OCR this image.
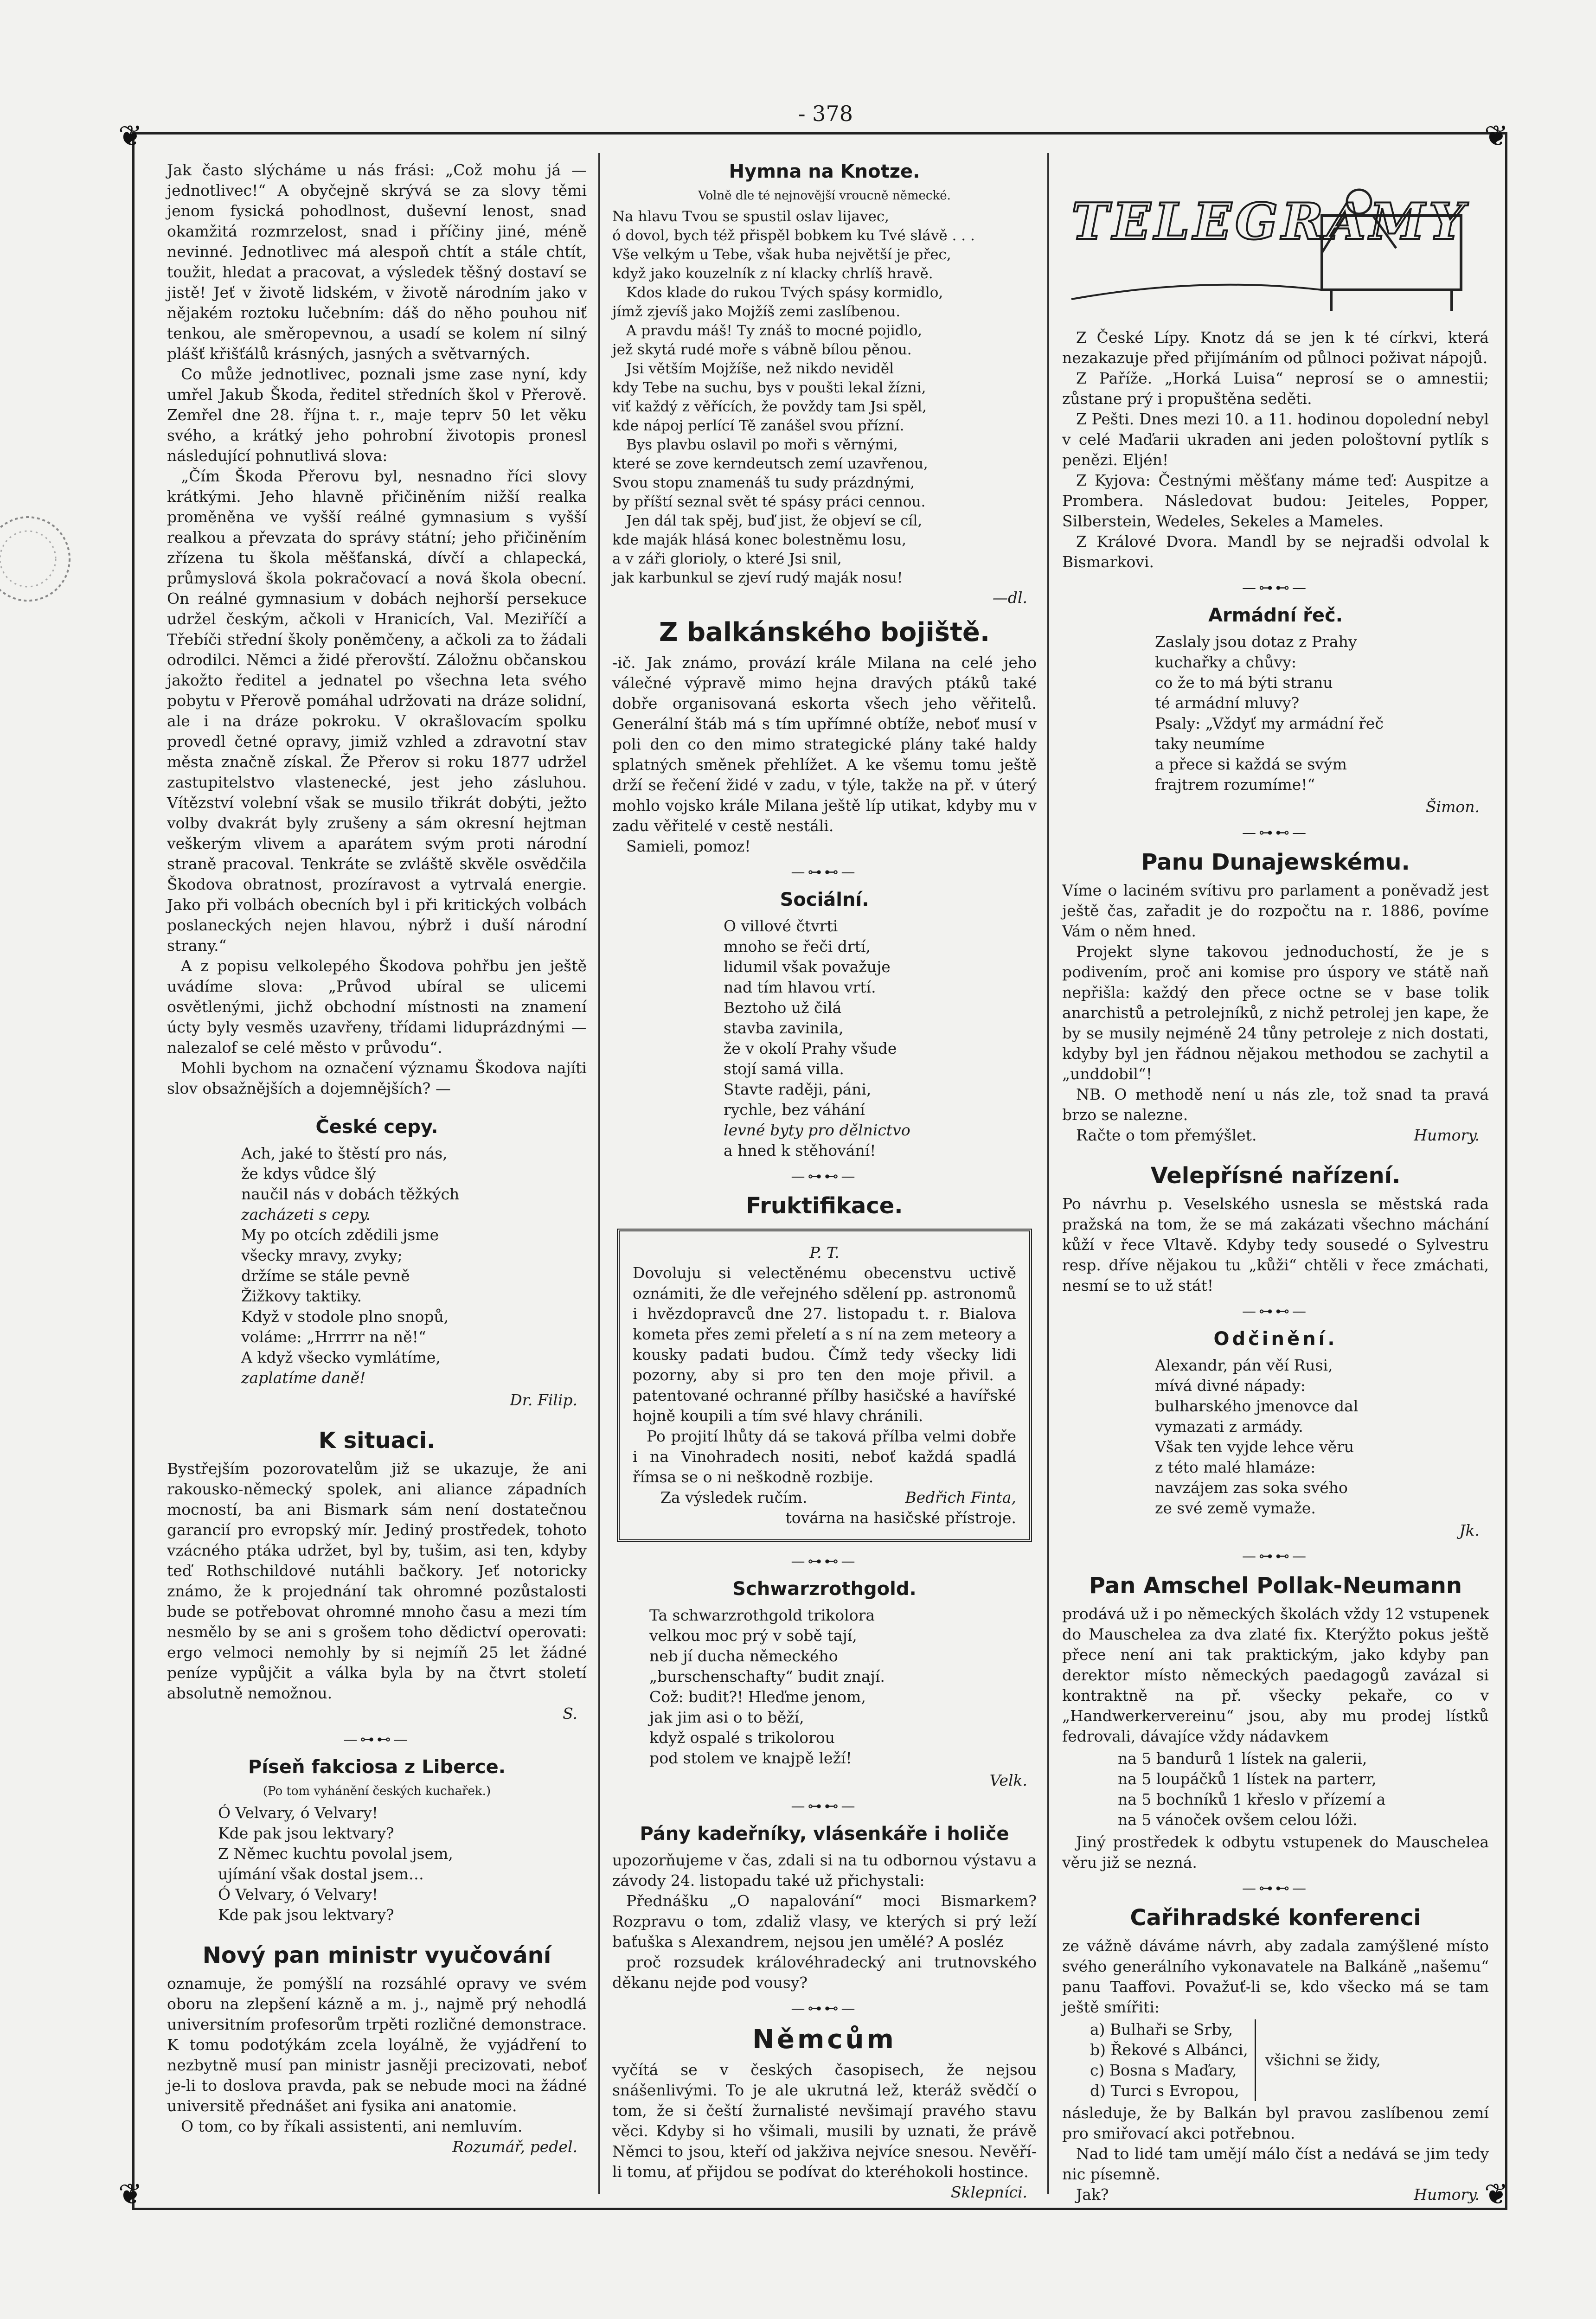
- 378
❦	❦
❦	❦

Jak často slýcháme u nás frási: „Což mohu já — jednotlivec!“ A obyčejně skrývá se za slovy těmi jenom fysická pohodlnost, duševní lenost, snad okamžitá rozmrzelost, snad i příčiny jiné, méně nevinné. Jednotlivec má alespoň chtít a stále chtít, toužit, hledat a pracovat, a výsledek těšný dostaví se jistě! Jeť v životě lidském, v životě národním jako v nějakém roztoku lučebním: dáš do něho pouhou niť tenkou, ale směropevnou, a usadí se kolem ní silný plášť křišťálů krásných, jasných a světvarných.

Co může jednotlivec, poznali jsme zase nyní, kdy umřel Jakub Škoda, ředitel středních škol v Přerově. Zemřel dne 28. října t. r., maje teprv 50 let věku svého, a krátký jeho pohrobní životopis pronesl následující pohnutlivá slova:

„Čím Škoda Přerovu byl, nesnadno říci slovy krátkými. Jeho hlavně přičiněním nižší realka proměněna ve vyšší reálné gymnasium s vyšší realkou a převzata do správy státní; jeho přičiněním zřízena tu škola měšťanská, dívčí a chlapecká, průmyslová škola pokračovací a nová škola obecní. On reálné gymnasium v dobách nejhorší persekuce udržel českým, ačkoli v Hranicích, Val. Meziříčí a Třebíči střední školy poněmčeny, a ačkoli za to žádali odrodilci. Němci a židé přerovští. Záložnu občanskou jakožto ředitel a jednatel po všechna leta svého pobytu v Přerově pomáhal udržovati na dráze solidní, ale i na dráze pokroku. V okrašlovacím spolku provedl četné opravy, jimiž vzhled a zdravotní stav města značně získal. Že Přerov si roku 1877 udržel zastupitelstvo vlastenecké, jest jeho zásluhou. Vítězství volební však se musilo třikrát dobýti, ježto volby dvakrát byly zrušeny a sám okresní hejtman veškerým vlivem a aparátem svým proti národní straně pracoval. Tenkráte se zvláště skvěle osvědčila Škodova obratnost, prozíravost a vytrvalá energie. Jako při volbách obecních byl i při kritických volbách poslaneckých nejen hlavou, nýbrž i duší národní strany.“

A z popisu velkolepého Škodova pohřbu jen ještě uvádíme slova: „Průvod ubíral se ulicemi osvětlenými, jichž obchodní místnosti na znamení úcty byly vesměs uzavřeny, třídami liduprázdnými — nalezalof se celé město v průvodu“.

Mohli bychom na označení významu Škodova najíti slov obsažnějších a dojemnějších? —

České cepy.
Ach, jaké to štěstí pro nás,
že kdys vůdce šlý
naučil nás v dobách těžkých
zacházeti s cepy.
My po otcích zdědili jsme
všecky mravy, zvyky;
držíme se stále pevně
Žižkovy taktiky.
Když v stodole plno snopů,
voláme: „Hrrrrr na ně!“
A když všecko vymlátíme,
zaplatíme daně!
Dr. Filip.
K situaci.

Bystřejším pozorovatelům již se ukazuje, že ani rakousko-německý spolek, ani aliance západních mocností, ba ani Bismark sám není dostatečnou garancií pro evropský mír. Jediný prostředek, tohoto vzácného ptáka udržet, byl by, tušim, asi ten, kdyby teď Rothschildové nutáhli bačkory. Jeť notoricky známo, že k projednání tak ohromné pozůstalosti bude se potřebovat ohromné mnoho času a mezi tím nesmělo by se ani s grošem toho dědictví operovati: ergo velmoci nemohly by si nejmíň 25 let žádné peníze vypůjčit a válka byla by na čtvrt století absolutně nemožnou.

S.
—⊶⊷—
Píseň fakciosa z Liberce.
(Po tom vyhánění českých kuchařek.)
Ó Velvary, ó Velvary!
Kde pak jsou lektvary?
Z Němec kuchtu povolal jsem,
ujímání však dostal jsem…
Ó Velvary, ó Velvary!
Kde pak jsou lektvary?
Nový pan ministr vyučování

oznamuje, že pomýšlí na rozsáhlé opravy ve svém oboru na zlepšení kázně a m. j., najmě prý nehodlá universitním profesorům trpěti rozličné demonstrace. K tomu podotýkám zcela loyálně, že vyjádření to nezbytně musí pan ministr jasněji precizovati, neboť je-li to doslova pravda, pak se nebude moci na žádné universitě přednášet ani fysika ani anatomie.

O tom, co by říkali assistenti, ani nemluvím.

Rozumář, pedel.
Hymna na Knotze.
Volně dle té nejnovější vroucně německé.
Na hlavu Tvou se spustil oslav lijavec,
ó dovol, bych též přispěl bobkem ku Tvé slávě . . .
Vše velkým u Tebe, však huba největší je přec,
když jako kouzelník z ní klacky chrlíš hravě.
Kdos klade do rukou Tvých spásy kormidlo,
jímž zjevíš jako Mojžíš zemi zaslíbenou.
A pravdu máš! Ty znáš to mocné pojidlo,
jež skytá rudé moře s vábně bílou pěnou.
Jsi větším Mojžíše, než nikdo neviděl
kdy Tebe na suchu, bys v poušti lekal žízni,
viť každý z věřících, že povždy tam Jsi spěl,
kde nápoj perlící Tě zanášel svou přízní.
Bys plavbu oslavil po moři s věrnými,
které se zove kerndeutsch zemí uzavřenou,
Svou stopu znamenáš tu sudy prázdnými,
by příští seznal svět té spásy práci cennou.
Jen dál tak spěj, buď jist, že objeví se cíl,
kde maják hlásá konec bolestněmu losu,
a v záři glorioly, o které Jsi snil,
jak karbunkul se zjeví rudý maják nosu!
—dl.
Z balkánského bojiště.

-ič. Jak známo, provází krále Milana na celé jeho válečné výpravě mimo hejna dravých ptáků také dobře organisovaná eskorta všech jeho věřitelů. Generální štáb má s tím upřímné obtíže, neboť musí v poli den co den mimo strategické plány také haldy splatných směnek přehlížet. A ke všemu tomu ještě drží se řečení židé v zadu, v týle, takže na př. v úterý mohlo vojsko krále Milana ještě líp utikat, kdyby mu v zadu věřitelé v cestě nestáli.

Samieli, pomoz!

—⊶⊷—
Sociální.
O villové čtvrti
mnoho se řeči drtí,
lidumil však považuje
nad tím hlavou vrtí.
Beztoho už čilá
stavba zavinila,
že v okolí Prahy všude
stojí samá villa.
Stavte raději, páni,
rychle, bez váhání
levné byty pro dělnictvo
a hned k stěhování!
—⊶⊷—
Fruktifikace.
P. T.

Dovoluju si velectěnému obecenstvu uctivě oznámiti, že dle veřejného sdělení pp. astronomů i hvězdopravců dne 27. listopadu t. r. Bialova kometa přes zemi přeletí a s ní na zem meteory a kousky padati budou. Čímž tedy všecky lidi pozorny, aby si pro ten den moje přivil. a patentované ochranné přílby hasičské a havířské hojně koupili a tím své hlavy chránili.

Po projití lhůty dá se taková přílba velmi dobře i na Vinohradech nositi, neboť každá spadlá římsa se o ni neškodně rozbije.

Za výsledek ručím.	Bedřich Finta,
továrna na hasičské přístroje.
—⊶⊷—
Schwarzrothgold.
Ta schwarzrothgold trikolora
velkou moc prý v sobě tají,
neb jí ducha německého
„burschenschafty“ budit znají.
Což: budit?! Hleďme jenom,
jak jim asi o to běží,
když ospalé s trikolorou
pod stolem ve knajpě leží!
Velk.
—⊶⊷—
Pány kadeřníky, vlásenkáře i holiče

upozorňujeme v čas, zdali si na tu odbornou výstavu a závody 24. listopadu také už přichystali:

Přednášku „O napalování“ moci Bismarkem? Rozpravu o tom, zdaliž vlasy, ve kterých si prý leží baťuška s Alexandrem, nejsou jen umělé? A posléz

proč rozsudek královéhradecký ani trutnovského děkanu nejde pod vousy?

—⊶⊷—
Němcům

vyčítá se v českých časopisech, že nejsou snášenlivými. To je ale ukrutná lež, kteráž svědčí o tom, že si čeští žurnalisté nevšimají pravého stavu věci. Kdyby si ho všimali, musili by uznati, že právě Němci to jsou, kteří od jakživa nejvíce snesou. Nevěří-li tomu, ať přijdou se podívat do kteréhokoli hostince.

Sklepníci.
TELEGRAMY

Z České Lípy. Knotz dá se jen k té církvi, která nezakazuje před přijímáním od půlnoci poživat nápojů.

Z Paříže. „Horká Luisa“ neprosí se o amnestii; zůstane prý i propuštěna seděti.

Z Pešti. Dnes mezi 10. a 11. hodinou dopolední nebyl v celé Maďarii ukraden ani jeden pološtovní pytlík s penězi. Eljén!

Z Kyjova: Čestnými měšťany máme teď: Auspitze a Prombera. Následovat budou: Jeiteles, Popper, Silberstein, Wedeles, Sekeles a Mameles.

Z Králové Dvora. Mandl by se nejradši odvolal k Bismarkovi.

—⊶⊷—
Armádní řeč.
Zaslaly jsou dotaz z Prahy
kuchařky a chůvy:
co že to má býti stranu
té armádní mluvy?
Psaly: „Vždyť my armádní řeč
taky neumíme
a přece si každá se svým
frajtrem rozumíme!“
Šimon.
—⊶⊷—
Panu Dunajewskému.

Víme o laciném svítivu pro parlament a poněvadž jest ještě čas, zařadit je do rozpočtu na r. 1886, povíme Vám o něm hned.

Projekt slyne takovou jednoduchostí, že je s podivením, proč ani komise pro úspory ve státě naň nepřišla: každý den přece octne se v base tolik anarchistů a petrolejníků, z nichž petrolej jen kape, že by se musily nejméně 24 tůny petroleje z nich dostati, kdyby byl jen řádnou nějakou methodou se zachytil a „unddobil“!

NB. O methodě není u nás zle, tož snad ta pravá brzo se nalezne.

Račte o tom přemýšlet.	Humory.
Velepřísné nařízení.

Po návrhu p. Veselského usnesla se městská rada pražská na tom, že se má zakázati všechno máchání kůží v řece Vltavě. Kdyby tedy sousedé o Sylvestru resp. dříve nějakou tu „kůži“ chtěli v řece zmáchati, nesmí se to už stát!

—⊶⊷—
Odčinění.
Alexandr, pán věí Rusi,
mívá divné nápady:
bulharského jmenovce dal
vymazati z armády.
Však ten vyjde lehce věru
z této malé hlamáze:
navzájem zas soka svého
ze své země vymaže.
Jk.
—⊶⊷—
Pan Amschel Pollak-Neumann

prodává už i po německých školách vždy 12 vstupenek do Mauschelea za dva zlaté fix. Kterýžto pokus ještě přece není ani tak praktickým, jako kdyby pan derektor místo německých paedagogů zavázal si kontraktně na př. všecky pekaře, co v „Handwerkervereinu“ jsou, aby mu prodej lístků fedrovali, dávajíce vždy nádavkem

na 5 bandurů 1 lístek na galerii,
na 5 loupáčků 1 lístek na parterr,
na 5 bochníků 1 křeslo v přízemí a
na 5 vánoček ovšem celou lóži.

Jiný prostředek k odbytu vstupenek do Mauschelea věru již se nezná.

—⊶⊷—
Cařihradské konferenci

ze vážně dáváme návrh, aby zadala zamýšlené místo svého generálního vykonavatele na Balkáně „našemu“ panu Taaffovi. Považuť-li se, kdo všecko má se tam ještě smířiti:

a) Bulhaři se Srby,
b) Řekové s Albánci,
c) Bosna s Maďary,
d) Turci s Evropou,
všichni se židy,

následuje, že by Balkán byl pravou zaslíbenou zemí pro smiřovací akci potřebnou.

Nad to lidé tam umějí málo číst a nedává se jim tedy nic písemně.

Jak?	Humory.
